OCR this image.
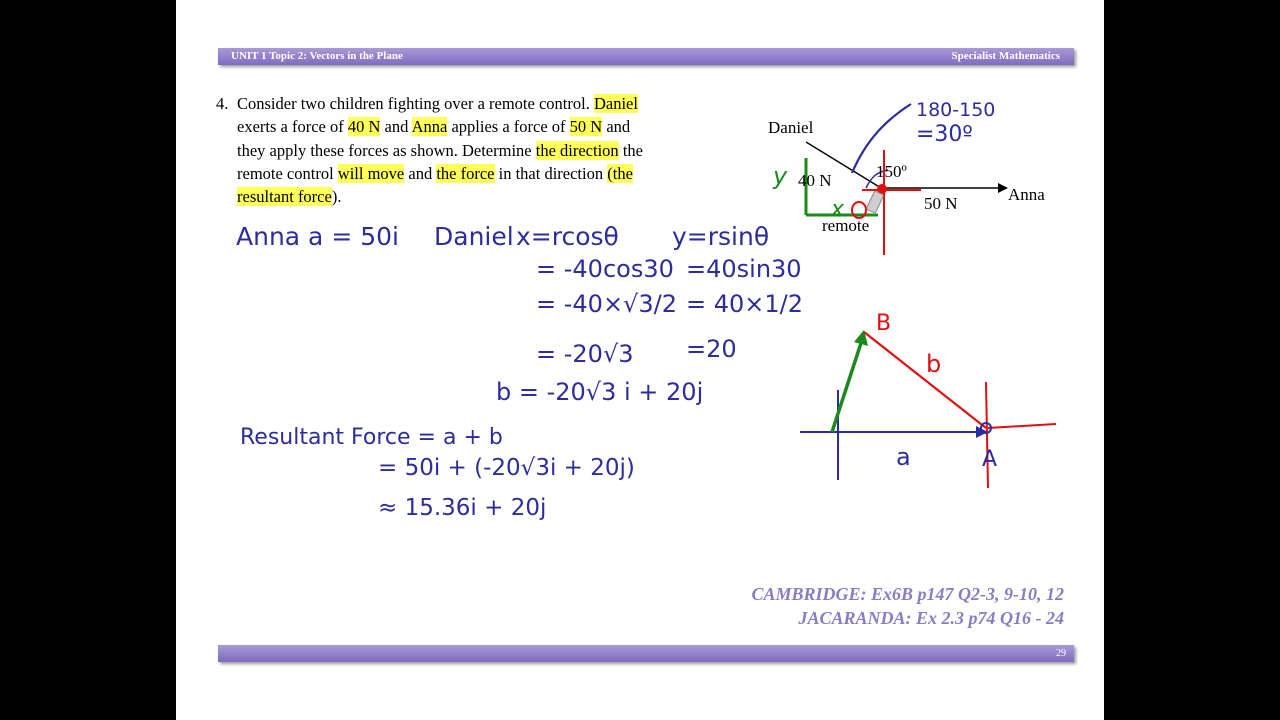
UNIT 1 Topic 2: Vectors in the Plane	Specialist Mathematics
4. Consider two children fighting over a remote control. Daniel
exerts a force of 40 N and Anna applies a force of 50 N and
they apply these forces as shown. Determine the direction the
remote control will move and the force in that direction (the
resultant force).
Daniel
Anna
remote
40 N
50 N
150º
180-150
=30º
y
x
Anna a = 50i Daniel x=rcosθ
= -40cos30
= -40×√3/2
= -20√3
y=rsinθ
=40sin30
= 40×1/2
=20
b = -20√3 i + 20j
Resultant Force = a + b
= 50i + (-20√3i + 20j)
≈ 15.36i + 20j
B
A
b
a
CAMBRIDGE: Ex6B p147 Q2-3, 9-10, 12
JACARANDA: Ex 2.3 p74 Q16 - 24
29
